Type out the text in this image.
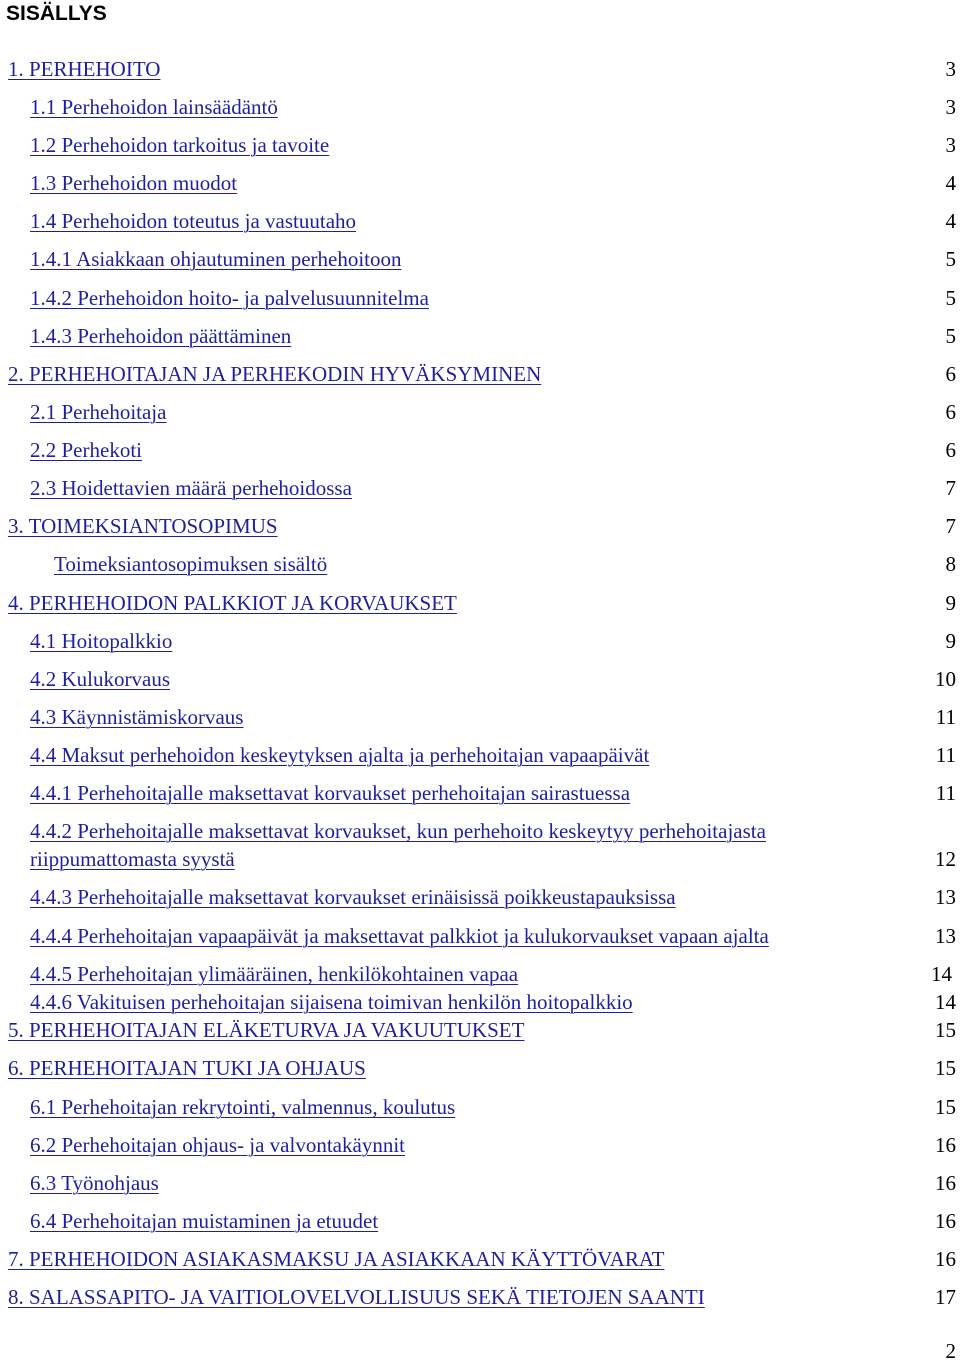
SISÄLLYS
1. PERHEHOITO	3
1.1 Perhehoidon lainsäädäntö	3
1.2 Perhehoidon tarkoitus ja tavoite	3
1.3 Perhehoidon muodot	4
1.4 Perhehoidon toteutus ja vastuutaho	4
1.4.1 Asiakkaan ohjautuminen perhehoitoon	5
1.4.2 Perhehoidon hoito- ja palvelusuunnitelma	5
1.4.3 Perhehoidon päättäminen	5
2. PERHEHOITAJAN JA PERHEKODIN HYVÄKSYMINEN	6
2.1 Perhehoitaja	6
2.2 Perhekoti	6
2.3 Hoidettavien määrä perhehoidossa	7
3. TOIMEKSIANTOSOPIMUS	7
Toimeksiantosopimuksen sisältö	8
4. PERHEHOIDON PALKKIOT JA KORVAUKSET	9
4.1 Hoitopalkkio	9
4.2 Kulukorvaus	10
4.3 Käynnistämiskorvaus	11
4.4 Maksut perhehoidon keskeytyksen ajalta ja perhehoitajan vapaapäivät	11
4.4.1 Perhehoitajalle maksettavat korvaukset perhehoitajan sairastuessa	11
4.4.2 Perhehoitajalle maksettavat korvaukset, kun perhehoito keskeytyy perhehoitajasta riippumattomasta syystä	12
4.4.3 Perhehoitajalle maksettavat korvaukset erinäisissä poikkeustapauksissa	13
4.4.4 Perhehoitajan vapaapäivät ja maksettavat palkkiot ja kulukorvaukset vapaan ajalta	13
4.4.5 Perhehoitajan ylimääräinen, henkilökohtainen vapaa	14
4.4.6 Vakituisen perhehoitajan sijaisena toimivan henkilön hoitopalkkio	14
5. PERHEHOITAJAN ELÄKETURVA JA VAKUUTUKSET	15
6. PERHEHOITAJAN TUKI JA OHJAUS	15
6.1 Perhehoitajan rekrytointi, valmennus, koulutus	15
6.2 Perhehoitajan ohjaus- ja valvontakäynnit	16
6.3 Työnohjaus	16
6.4 Perhehoitajan muistaminen ja etuudet	16
7. PERHEHOIDON ASIAKASMAKSU JA ASIAKKAAN KÄYTTÖVARAT	16
8. SALASSAPITO- JA VAITIOLOVELVOLLISUUS SEKÄ TIETOJEN SAANTI	17
2
